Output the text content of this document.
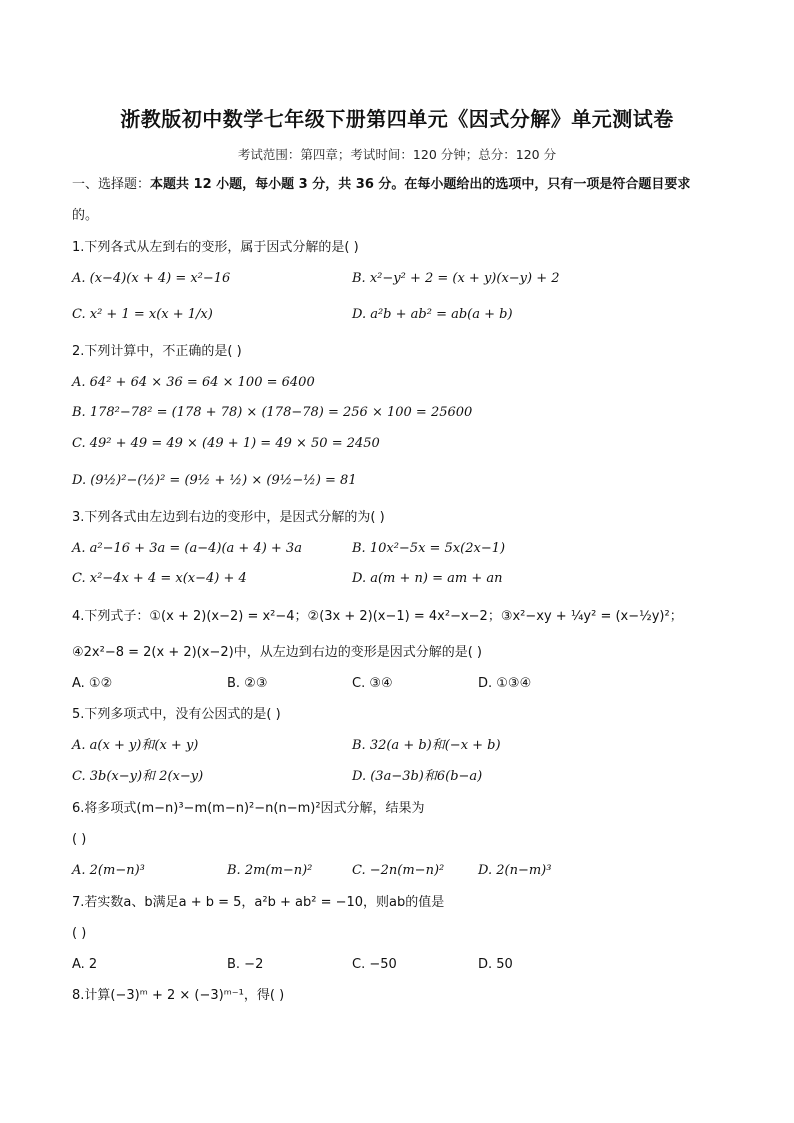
浙教版初中数学七年级下册第四单元《因式分解》单元测试卷
考试范围：第四章；考试时间：120 分钟；总分：120 分
一、选择题：本题共 12 小题，每小题 3 分，共 36 分。在每小题给出的选项中，只有一项是符合题目要求
的。
1.下列各式从左到右的变形，属于因式分解的是( )
A. (x−4)(x + 4) = x²−16	B. x²−y² + 2 = (x + y)(x−y) + 2
C. x² + 1 = x(x + 1/x)	D. a²b + ab² = ab(a + b)
2.下列计算中，不正确的是( )
A. 64² + 64 × 36 = 64 × 100 = 6400
B. 178²−78² = (178 + 78) × (178−78) = 256 × 100 = 25600
C. 49² + 49 = 49 × (49 + 1) = 49 × 50 = 2450
D. (9½)²−(½)² = (9½ + ½) × (9½−½) = 81
3.下列各式由左边到右边的变形中，是因式分解的为( )
A. a²−16 + 3a = (a−4)(a + 4) + 3a	B. 10x²−5x = 5x(2x−1)
C. x²−4x + 4 = x(x−4) + 4	D. a(m + n) = am + an
4.下列式子：①(x + 2)(x−2) = x²−4；②(3x + 2)(x−1) = 4x²−x−2；③x²−xy + ¼y² = (x−½y)²；
④2x²−8 = 2(x + 2)(x−2)中，从左边到右边的变形是因式分解的是( )
A. ①②	B. ②③	C. ③④	D. ①③④
5.下列多项式中，没有公因式的是( )
A. a(x + y)和(x + y)	B. 32(a + b)和(−x + b)
C. 3b(x−y)和 2(x−y)	D. (3a−3b)和6(b−a)
6.将多项式(m−n)³−m(m−n)²−n(n−m)²因式分解，结果为
( )
A. 2(m−n)³	B. 2m(m−n)²	C. −2n(m−n)²	D. 2(n−m)³
7.若实数a、b满足a + b = 5，a²b + ab² = −10，则ab的值是
( )
A. 2	B. −2	C. −50	D. 50
8.计算(−3)ᵐ + 2 × (−3)ᵐ⁻¹，得( )
